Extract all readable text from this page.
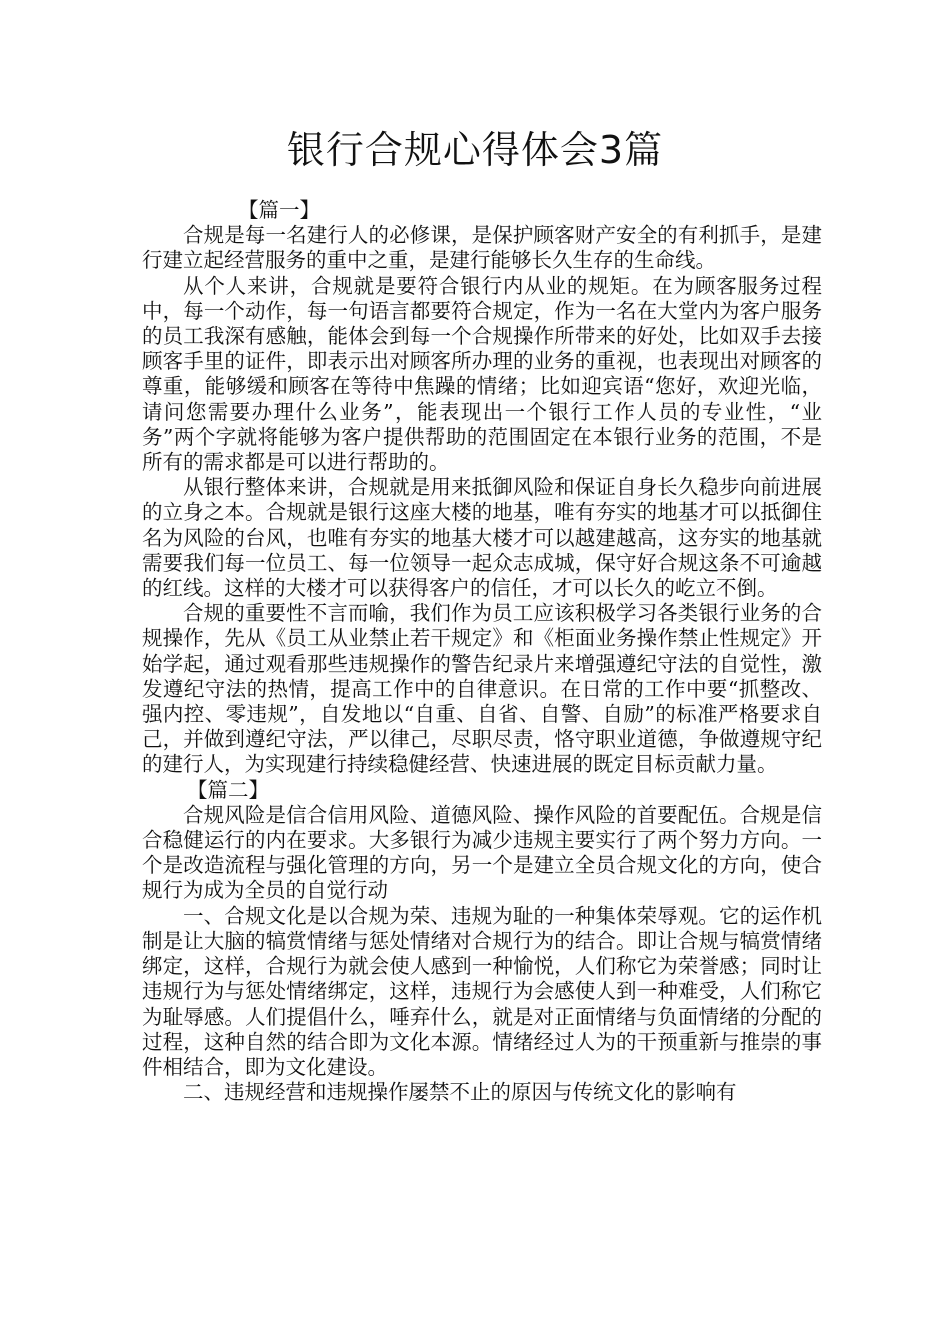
银行合规心得体会3篇
【篇一】

合规是每一名建行人的必修课，是保护顾客财产安全的有利抓手，是建行建立起经营服务的重中之重，是建行能够长久生存的生命线。

从个人来讲，合规就是要符合银行内从业的规矩。在为顾客服务过程中，每一个动作，每一句语言都要符合规定，作为一名在大堂内为客户服务的员工我深有感触，能体会到每一个合规操作所带来的好处，比如双手去接顾客手里的证件，即表示出对顾客所办理的业务的重视，也表现出对顾客的尊重，能够缓和顾客在等待中焦躁的情绪；比如迎宾语“您好，欢迎光临，请问您需要办理什么业务”，能表现出一个银行工作人员的专业性，“业务”两个字就将能够为客户提供帮助的范围固定在本银行业务的范围，不是所有的需求都是可以进行帮助的。

从银行整体来讲，合规就是用来抵御风险和保证自身长久稳步向前进展的立身之本。合规就是银行这座大楼的地基，唯有夯实的地基才可以抵御住名为风险的台风，也唯有夯实的地基大楼才可以越建越高，这夯实的地基就需要我们每一位员工、每一位领导一起众志成城，保守好合规这条不可逾越的红线。这样的大楼才可以获得客户的信任，才可以长久的屹立不倒。

合规的重要性不言而喻，我们作为员工应该积极学习各类银行业务的合规操作，先从《员工从业禁止若干规定》和《柜面业务操作禁止性规定》开始学起，通过观看那些违规操作的警告纪录片来增强遵纪守法的自觉性，激发遵纪守法的热情，提高工作中的自律意识。在日常的工作中要“抓整改、强内控、零违规”，自发地以“自重、自省、自警、自励”的标准严格要求自己，并做到遵纪守法，严以律己，尽职尽责，恪守职业道德，争做遵规守纪的建行人，为实现建行持续稳健经营、快速进展的既定目标贡献力量。

【篇二】

合规风险是信合信用风险、道德风险、操作风险的首要配伍。合规是信合稳健运行的内在要求。大多银行为减少违规主要实行了两个努力方向。一个是改造流程与强化管理的方向，另一个是建立全员合规文化的方向，使合规行为成为全员的自觉行动

一、合规文化是以合规为荣、违规为耻的一种集体荣辱观。它的运作机制是让大脑的犒赏情绪与惩处情绪对合规行为的结合。即让合规与犒赏情绪绑定，这样，合规行为就会使人感到一种愉悦，人们称它为荣誉感；同时让违规行为与惩处情绪绑定，这样，违规行为会感使人到一种难受，人们称它为耻辱感。人们提倡什么，唾弃什么，就是对正面情绪与负面情绪的分配的过程，这种自然的结合即为文化本源。情绪经过人为的干预重新与推崇的事件相结合，即为文化建设。

二、违规经营和违规操作屡禁不止的原因与传统文化的影响有
